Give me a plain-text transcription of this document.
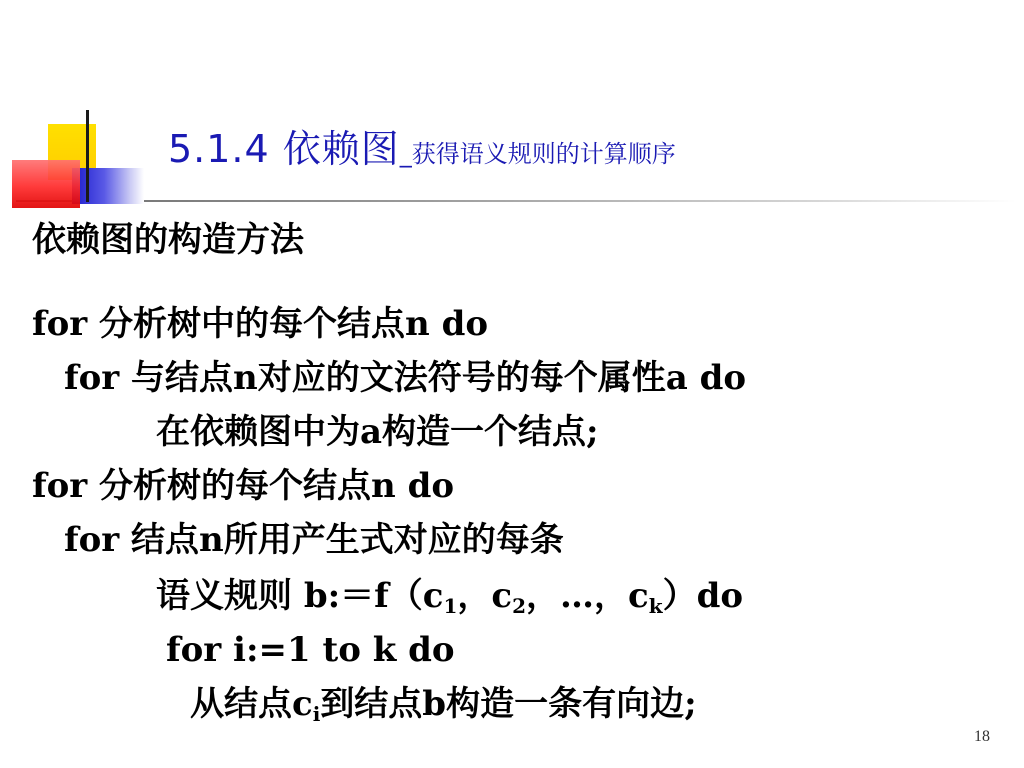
5.1.4 依赖图_获得语义规则的计算顺序
依赖图的构造方法
for 分析树中的每个结点n do
for 与结点n对应的文法符号的每个属性a do
在依赖图中为a构造一个结点;
for 分析树的每个结点n do
for 结点n所用产生式对应的每条
语义规则 $b:=f(c_1$，$c_2$，…，$c_k)do$
for i:=1 to k do
从结点$c_i$到结点b构造一条有向边;
18
